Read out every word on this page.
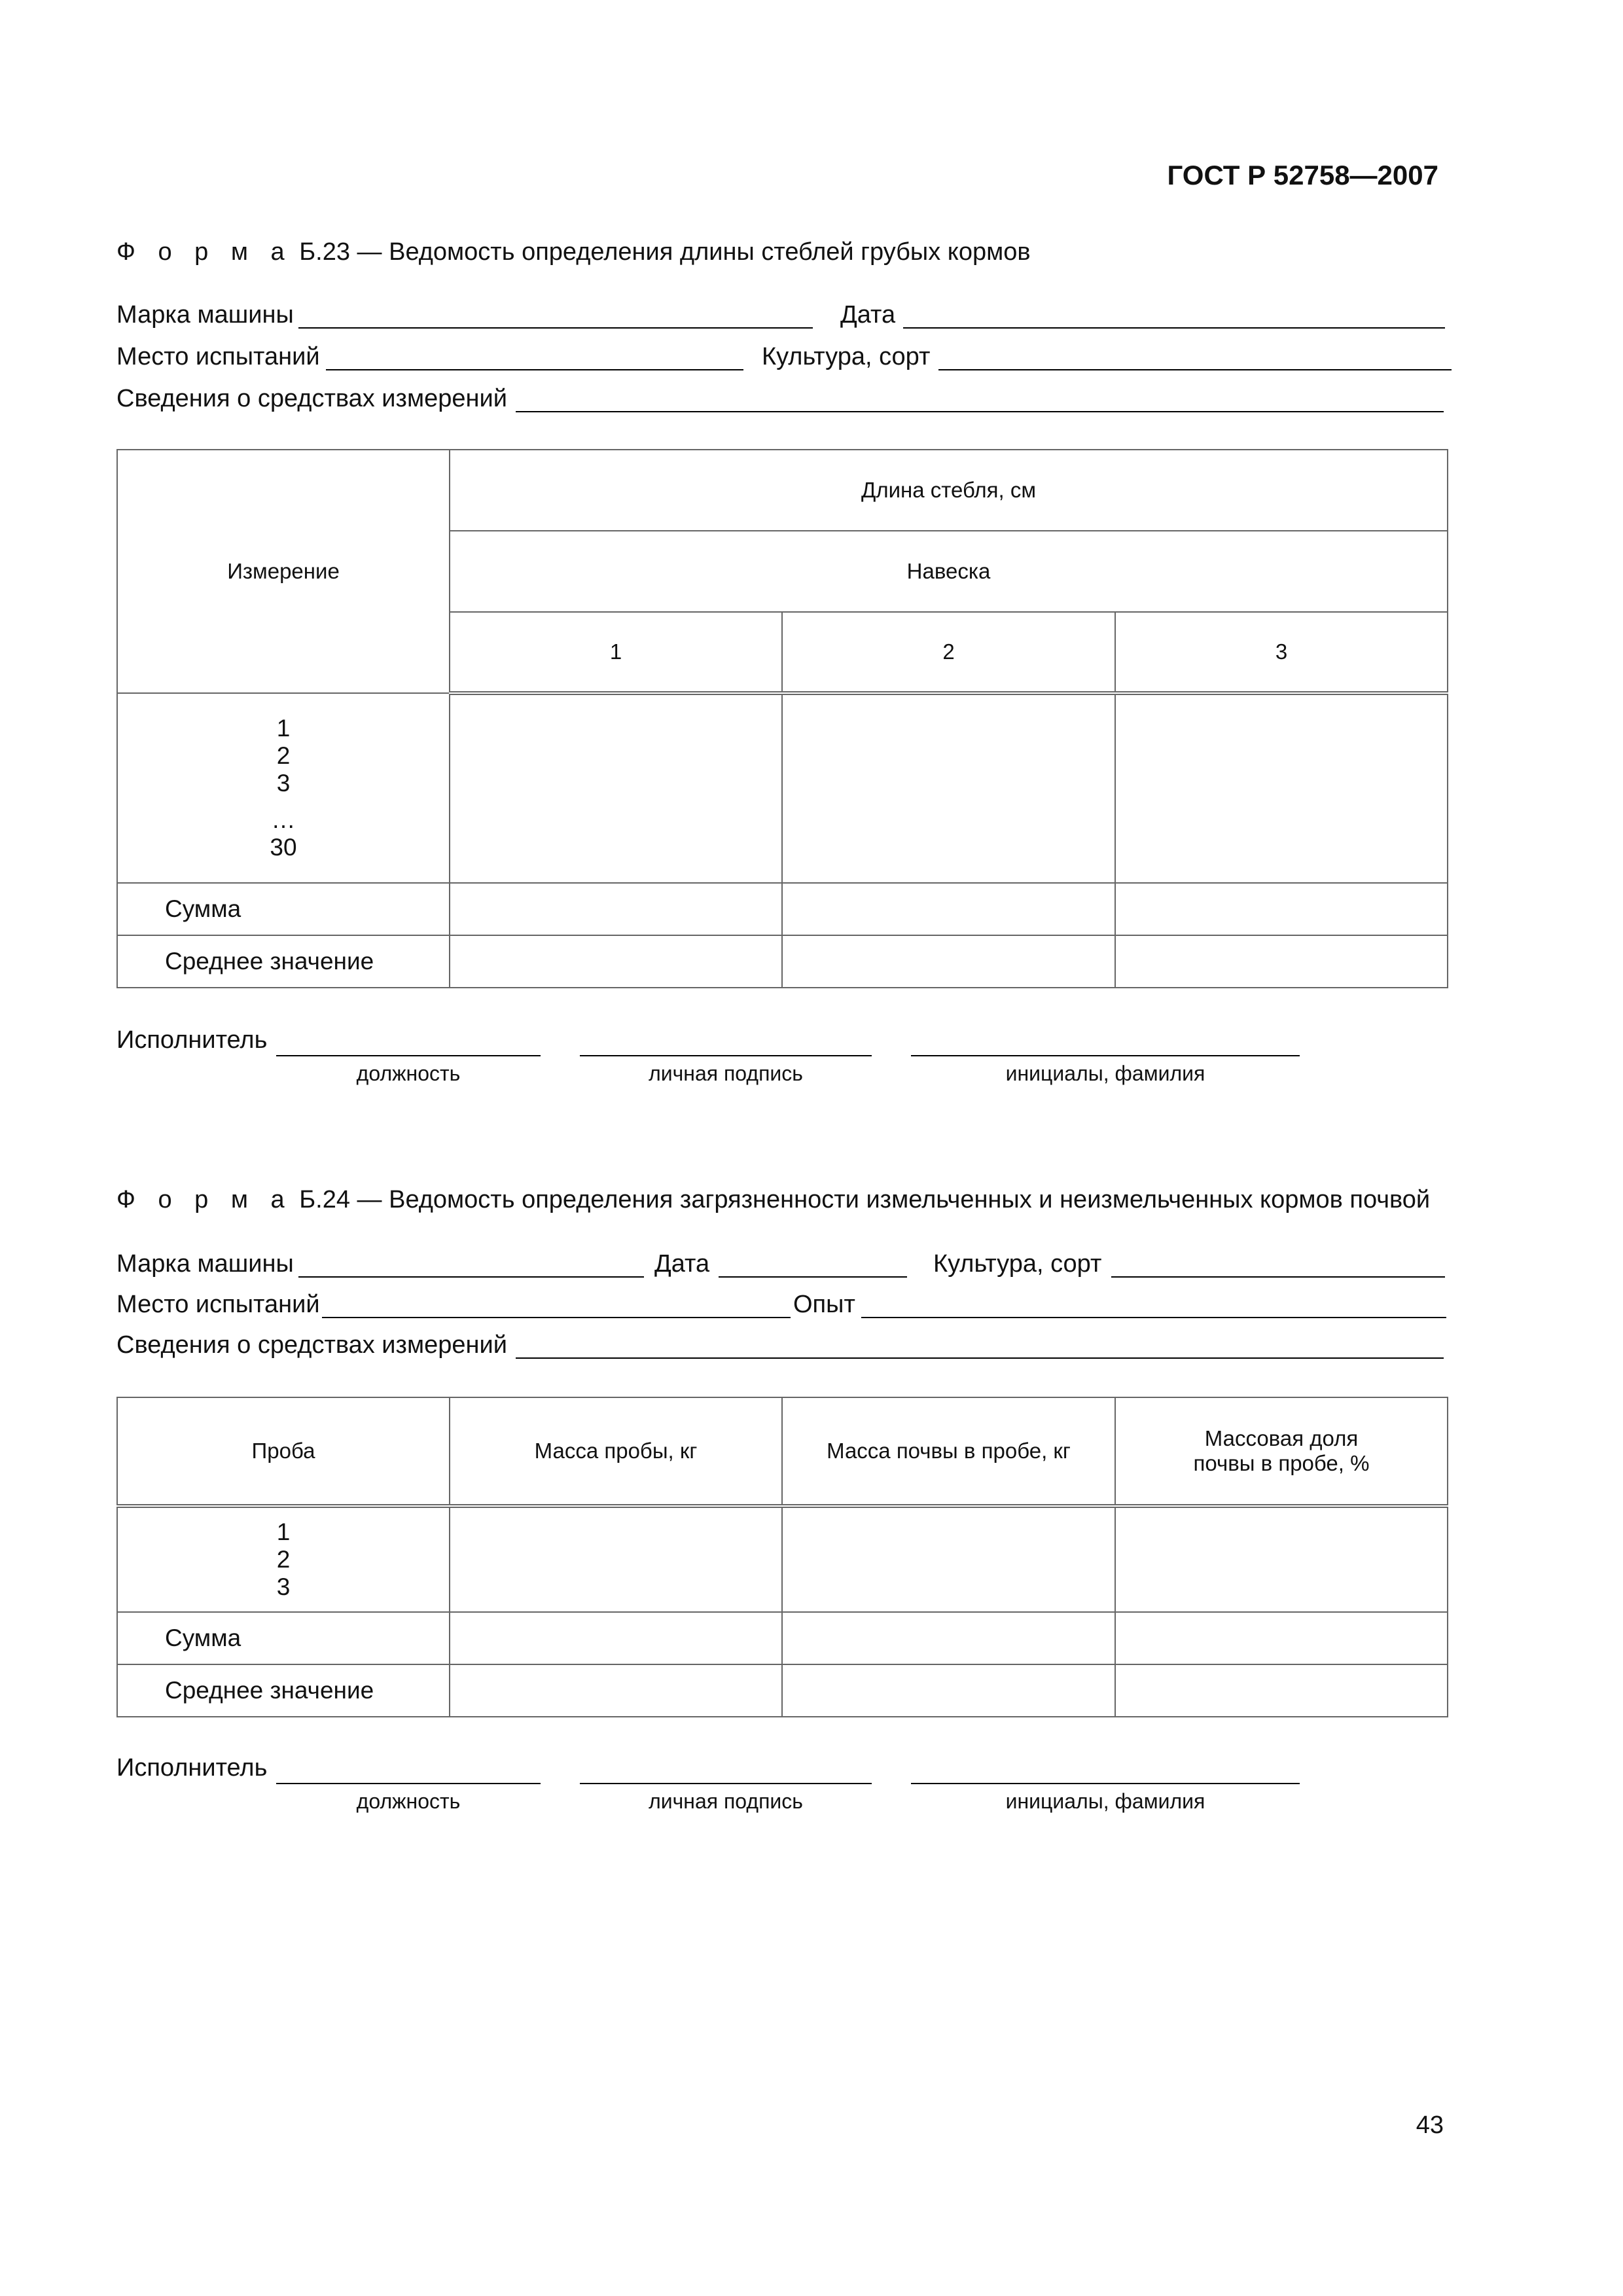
ГОСТ Р 52758—2007
Ф о р м а Б.23 — Ведомость определения длины стеблей грубых кормов
Марка машины	Дата
Место испытаний	Культура, сорт
Сведения о средствах измерений
Измерение	Длина стебля, см		
	Навеска		
	1	2	3

1
2
3
…
30			

Сумма			
Среднее значение			
Исполнитель
должность	личная подпись	инициалы, фамилия
Ф о р м а Б.24 — Ведомость определения загрязненности измельченных и неизмельченных кормов почвой
Марка машины	Дата	Культура, сорт
Место испытаний	Опыт
Сведения о средствах измерений
Проба	Масса пробы, кг	Масса почвы в пробе, кг	Массовая доля
почвы в пробе, %

1
2
3			

Сумма			
Среднее значение			
Исполнитель
должность	личная подпись	инициалы, фамилия
43
